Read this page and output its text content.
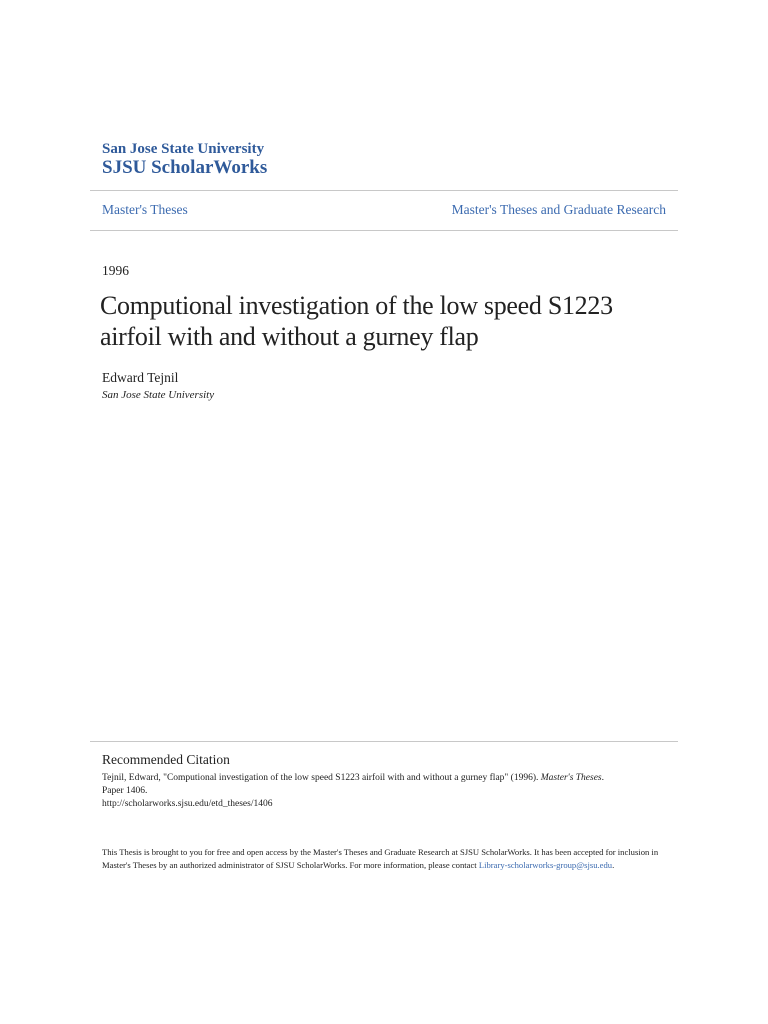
San Jose State University
SJSU ScholarWorks
Master's Theses	Master's Theses and Graduate Research
1996
Computional investigation of the low speed S1223 airfoil with and without a gurney flap
Edward Tejnil
San Jose State University
Recommended Citation
Tejnil, Edward, "Computional investigation of the low speed S1223 airfoil with and without a gurney flap" (1996). Master's Theses.
Paper 1406.
http://scholarworks.sjsu.edu/etd_theses/1406
This Thesis is brought to you for free and open access by the Master's Theses and Graduate Research at SJSU ScholarWorks. It has been accepted for inclusion in Master's Theses by an authorized administrator of SJSU ScholarWorks. For more information, please contact Library-scholarworks-group@sjsu.edu.
